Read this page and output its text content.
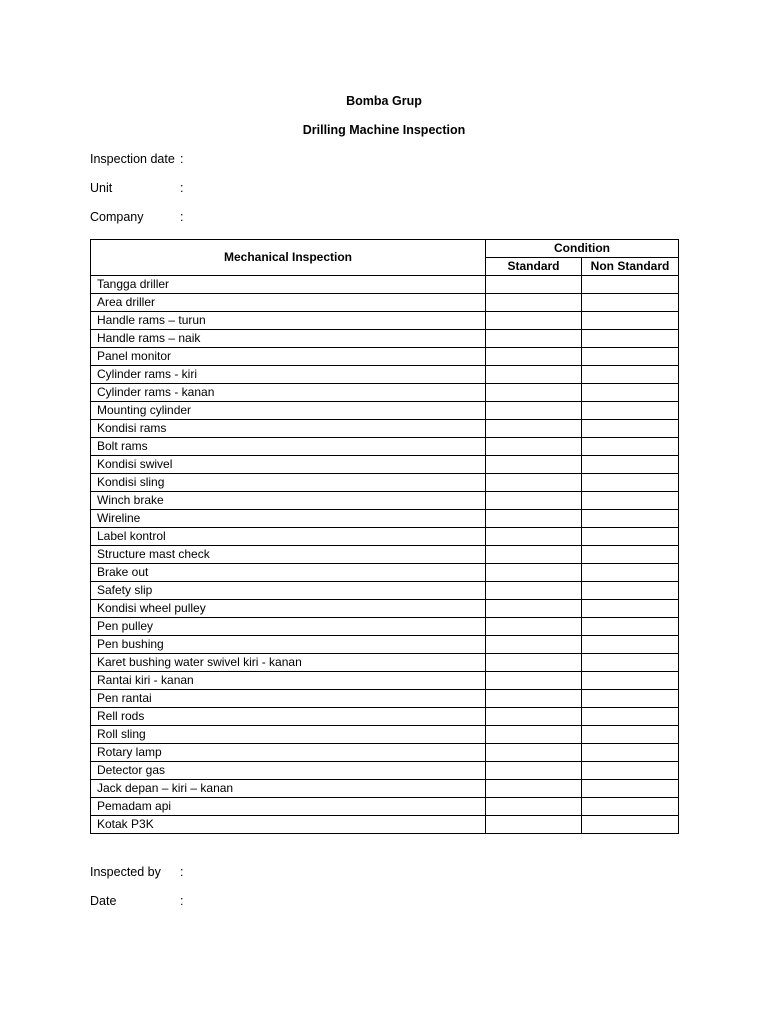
Bomba Grup
Drilling Machine Inspection
Inspection date :
Unit	:
Company	:
Mechanical Inspection	Condition	
	Standard	Non Standard
Tangga driller		
Area driller		
Handle rams – turun		
Handle rams – naik		
Panel monitor		
Cylinder rams - kiri		
Cylinder rams - kanan		
Mounting cylinder		
Kondisi rams		
Bolt rams		
Kondisi swivel		
Kondisi sling		
Winch brake		
Wireline		
Label kontrol		
Structure mast check		
Brake out		
Safety slip		
Kondisi wheel pulley		
Pen pulley		
Pen bushing		
Karet bushing water swivel kiri - kanan		
Rantai kiri - kanan		
Pen rantai		
Rell rods		
Roll sling		
Rotary lamp		
Detector gas		
Jack depan – kiri – kanan		
Pemadam api		
Kotak P3K		
Inspected by :
Date	:
